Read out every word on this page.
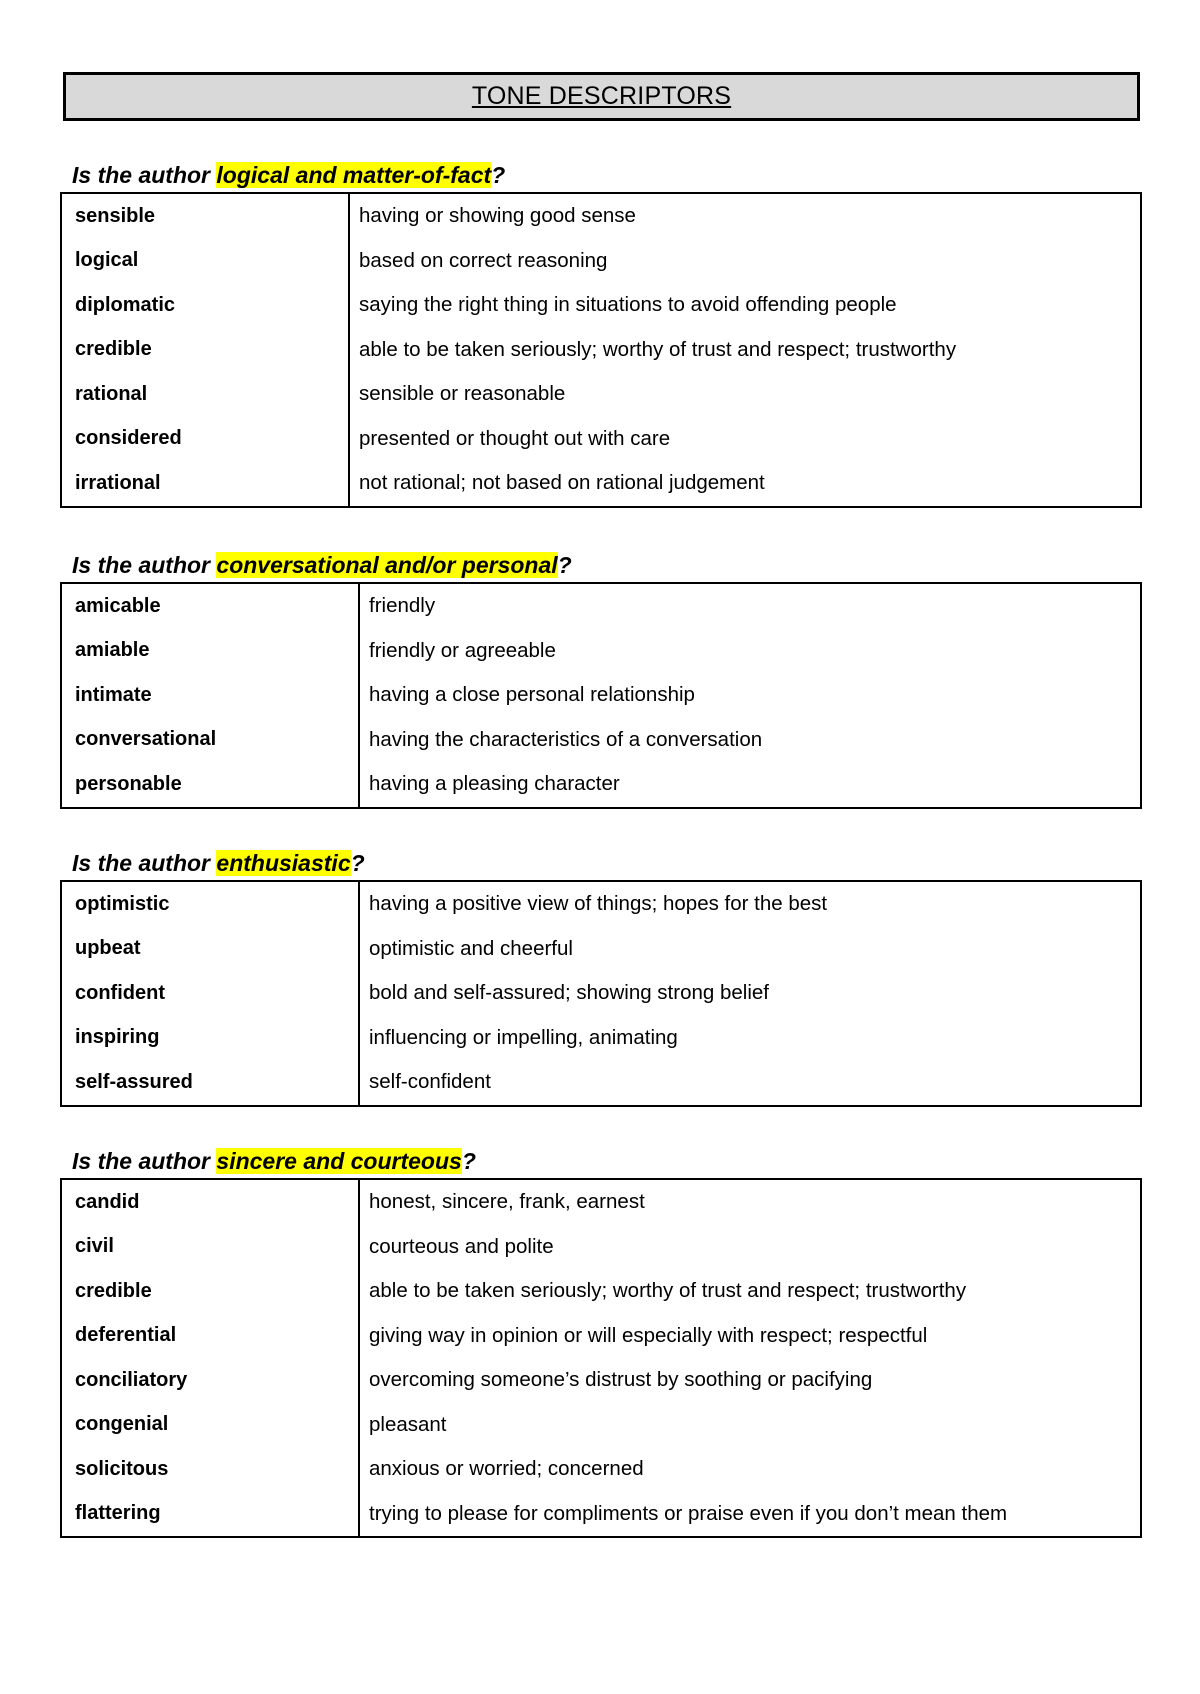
TONE DESCRIPTORS
Is the author logical and matter-of-fact?
sensible	having or showing good sense
logical	based on correct reasoning
diplomatic	saying the right thing in situations to avoid offending people
credible	able to be taken seriously; worthy of trust and respect; trustworthy
rational	sensible or reasonable
considered	presented or thought out with care
irrational	not rational; not based on rational judgement
Is the author conversational and/or personal?
amicable	friendly
amiable	friendly or agreeable
intimate	having a close personal relationship
conversational	having the characteristics of a conversation
personable	having a pleasing character
Is the author enthusiastic?
optimistic	having a positive view of things; hopes for the best
upbeat	optimistic and cheerful
confident	bold and self-assured; showing strong belief
inspiring	influencing or impelling, animating
self-assured	self-confident
Is the author sincere and courteous?
candid	honest, sincere, frank, earnest
civil	courteous and polite
credible	able to be taken seriously; worthy of trust and respect; trustworthy
deferential	giving way in opinion or will especially with respect; respectful
conciliatory	overcoming someone’s distrust by soothing or pacifying
congenial	pleasant
solicitous	anxious or worried; concerned
flattering	trying to please for compliments or praise even if you don’t mean them
